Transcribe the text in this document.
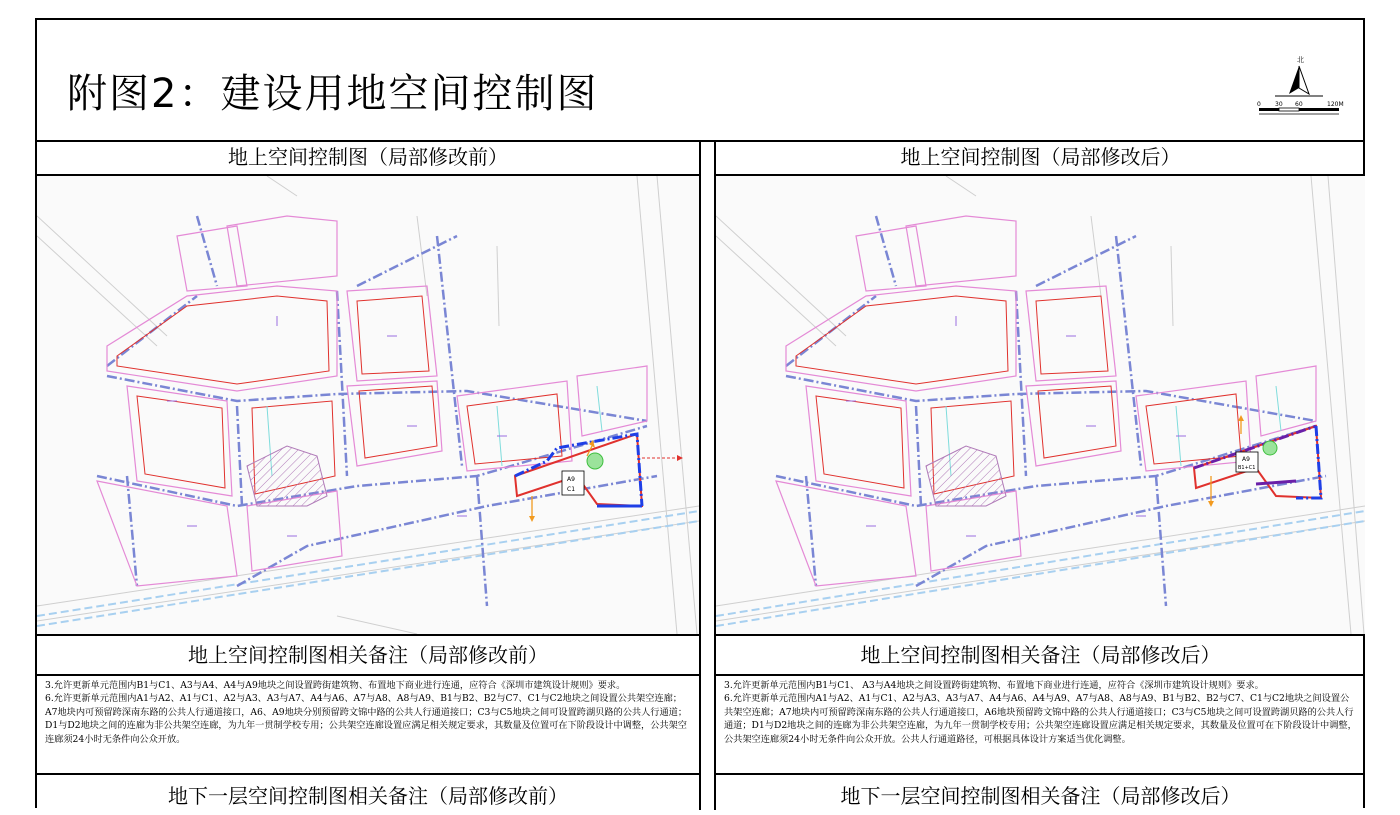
附图2：建设用地空间控制图
北
0 30 60	120M
地上空间控制图（局部修改前）
A9
C1
地上空间控制图相关备注（局部修改前）

3.允许更新单元范围内B1与C1、A3与A4、A4与A9地块之间设置跨街建筑物、布置地下商业进行连通，应符合《深圳市建筑设计规则》要求。

6.允许更新单元范围内A1与A2、A1与C1、A2与A3、A3与A7、A4与A6、A7与A8、A8与A9、B1与B2、B2与C7、C1与C2地块之间设置公共架空连廊；A7地块内可预留跨深南东路的公共人行通道接口，A6、A9地块分别预留跨文锦中路的公共人行通道接口；C3与C5地块之间可设置跨湖贝路的公共人行通道；D1与D2地块之间的连廊为非公共架空连廊，为九年一贯制学校专用；公共架空连廊设置应满足相关规定要求，其数量及位置可在下阶段设计中调整，公共架空连廊须24小时无条件向公众开放。

地下一层空间控制图相关备注（局部修改前）
地上空间控制图（局部修改后）
A9
B1+C1
地上空间控制图相关备注（局部修改后）

3.允许更新单元范围内B1与C1、 A3与A4地块之间设置跨街建筑物、布置地下商业进行连通，应符合《深圳市建筑设计规则》要求。

6.允许更新单元范围内A1与A2、A1与C1、A2与A3、A3与A7、A4与A6、A4与A9、A7与A8、A8与A9、B1与B2、B2与C7、C1与C2地块之间设置公共架空连廊；A7地块内可预留跨深南东路的公共人行通道接口，A6地块预留跨文锦中路的公共人行通道接口；C3与C5地块之间可设置跨湖贝路的公共人行通道；D1与D2地块之间的连廊为非公共架空连廊，为九年一贯制学校专用；公共架空连廊设置应满足相关规定要求，其数量及位置可在下阶段设计中调整，公共架空连廊须24小时无条件向公众开放。公共人行通道路径，可根据具体设计方案适当优化调整。

地下一层空间控制图相关备注（局部修改后）
